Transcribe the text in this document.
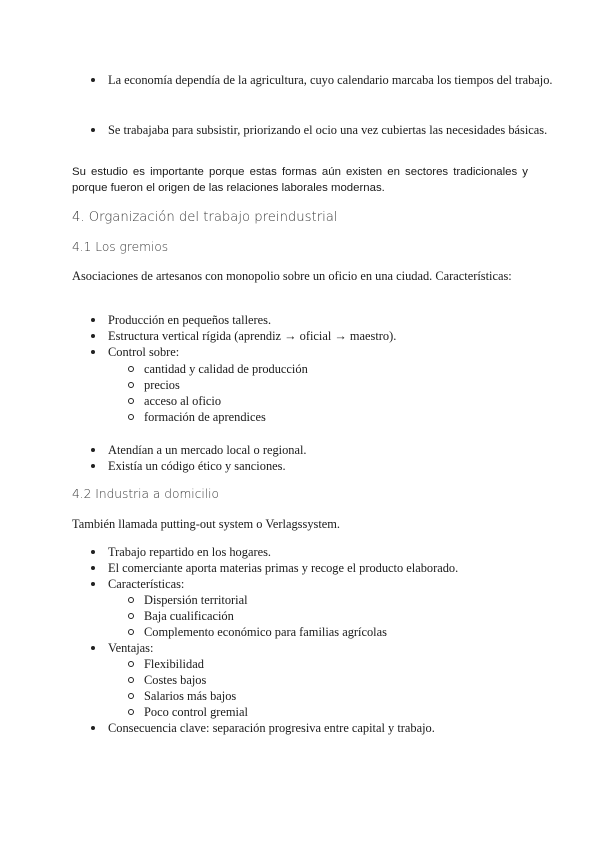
La economía dependía de la agricultura, cuyo calendario marcaba los tiempos del trabajo.
Se trabajaba para subsistir, priorizando el ocio una vez cubiertas las necesidades básicas.
Su estudio es importante porque estas formas aún existen en sectores tradicionales y porque fueron el origen de las relaciones laborales modernas.
4. Organización del trabajo preindustrial
4.1 Los gremios
Asociaciones de artesanos con monopolio sobre un oficio en una ciudad. Características:
Producción en pequeños talleres.
Estructura vertical rígida (aprendiz → oficial → maestro).
Control sobre:
cantidad y calidad de producción
precios
acceso al oficio
formación de aprendices
Atendían a un mercado local o regional.
Existía un código ético y sanciones.
4.2 Industria a domicilio
También llamada putting-out system o Verlagssystem.
Trabajo repartido en los hogares.
El comerciante aporta materias primas y recoge el producto elaborado.
Características:
Dispersión territorial
Baja cualificación
Complemento económico para familias agrícolas
Ventajas:
Flexibilidad
Costes bajos
Salarios más bajos
Poco control gremial
Consecuencia clave: separación progresiva entre capital y trabajo.
